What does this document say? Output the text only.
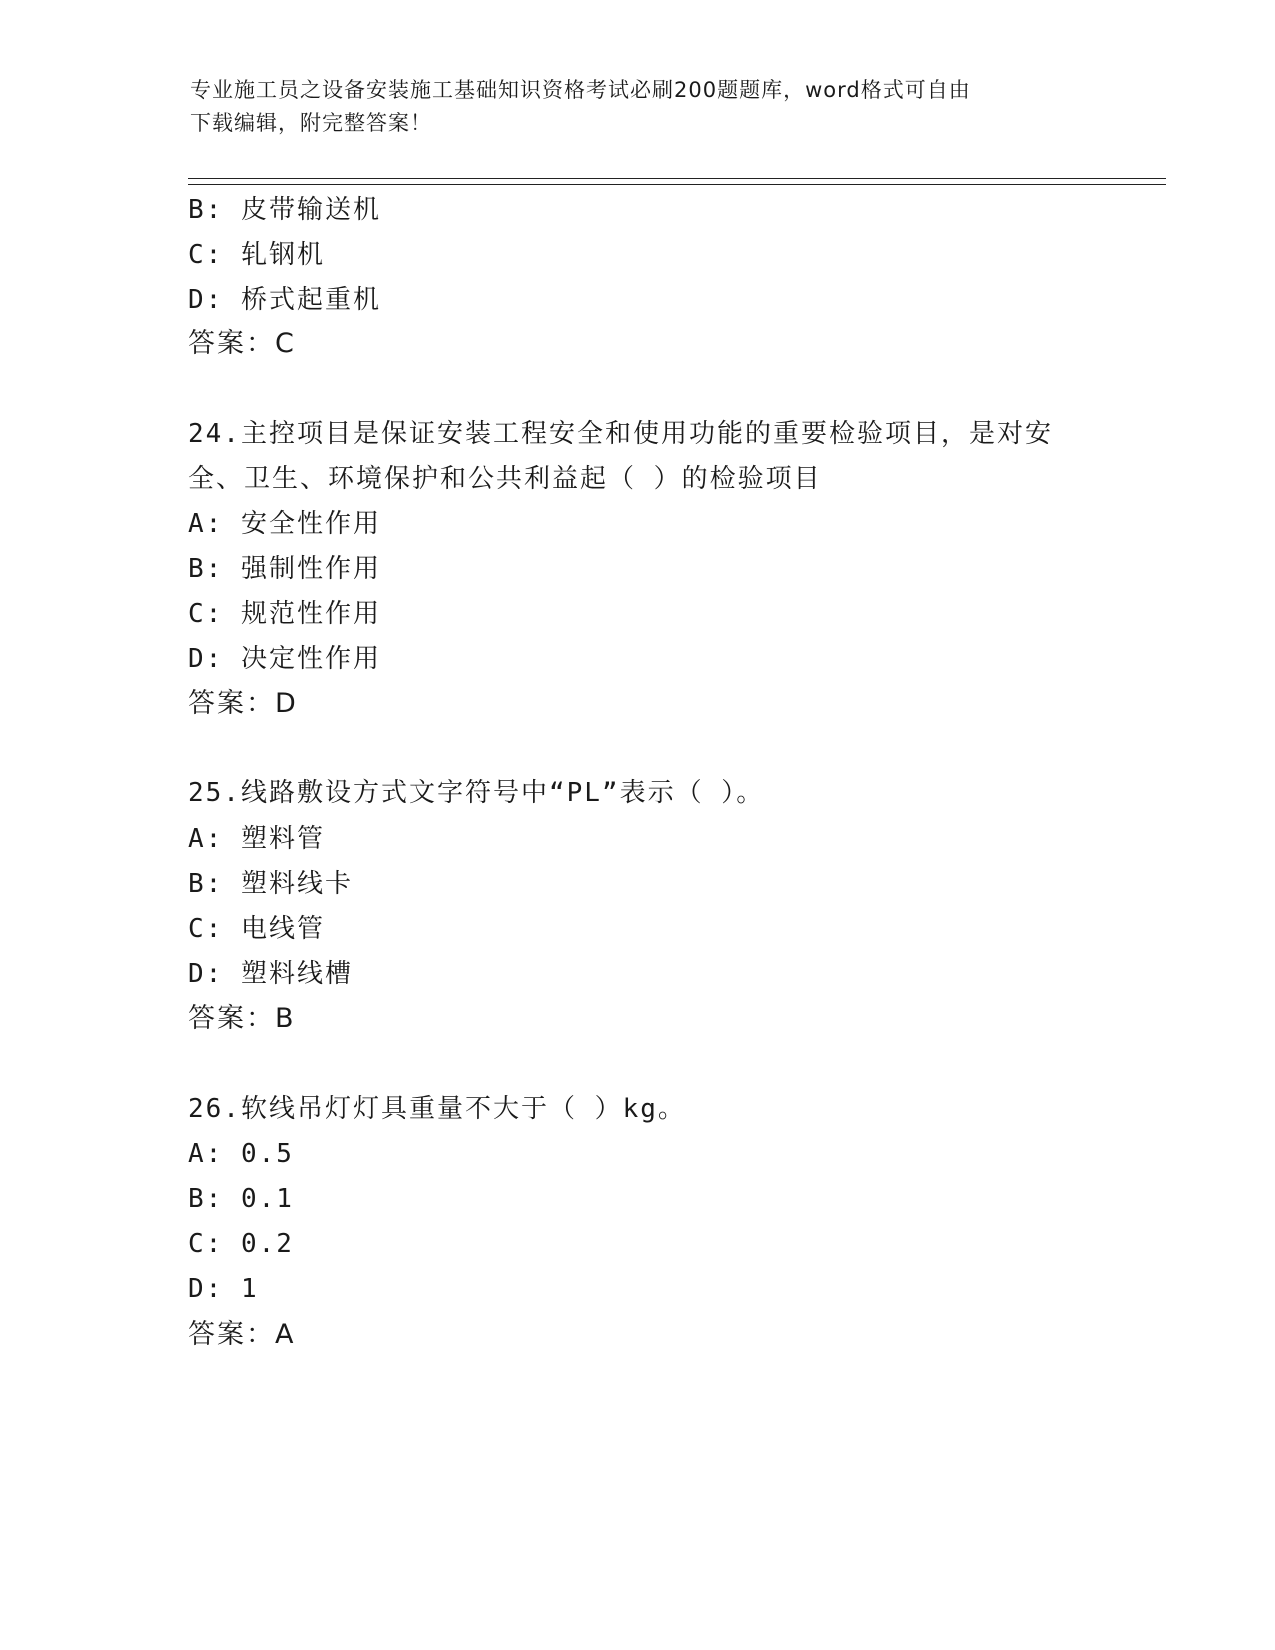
专业施工员之设备安装施工基础知识资格考试必刷200题题库，word格式可自由
下载编辑，附完整答案！
B: 皮带输送机
C: 轧钢机
D: 桥式起重机
答案：C
24.主控项目是保证安装工程安全和使用功能的重要检验项目，是对安
全、卫生、环境保护和公共利益起（ ）的检验项目
A: 安全性作用
B: 强制性作用
C: 规范性作用
D: 决定性作用
答案：D
25.线路敷设方式文字符号中“PL”表示（ ）。
A: 塑料管
B: 塑料线卡
C: 电线管
D: 塑料线槽
答案：B
26.软线吊灯灯具重量不大于（ ）kg。
A: 0.5
B: 0.1
C: 0.2
D: 1
答案：A
